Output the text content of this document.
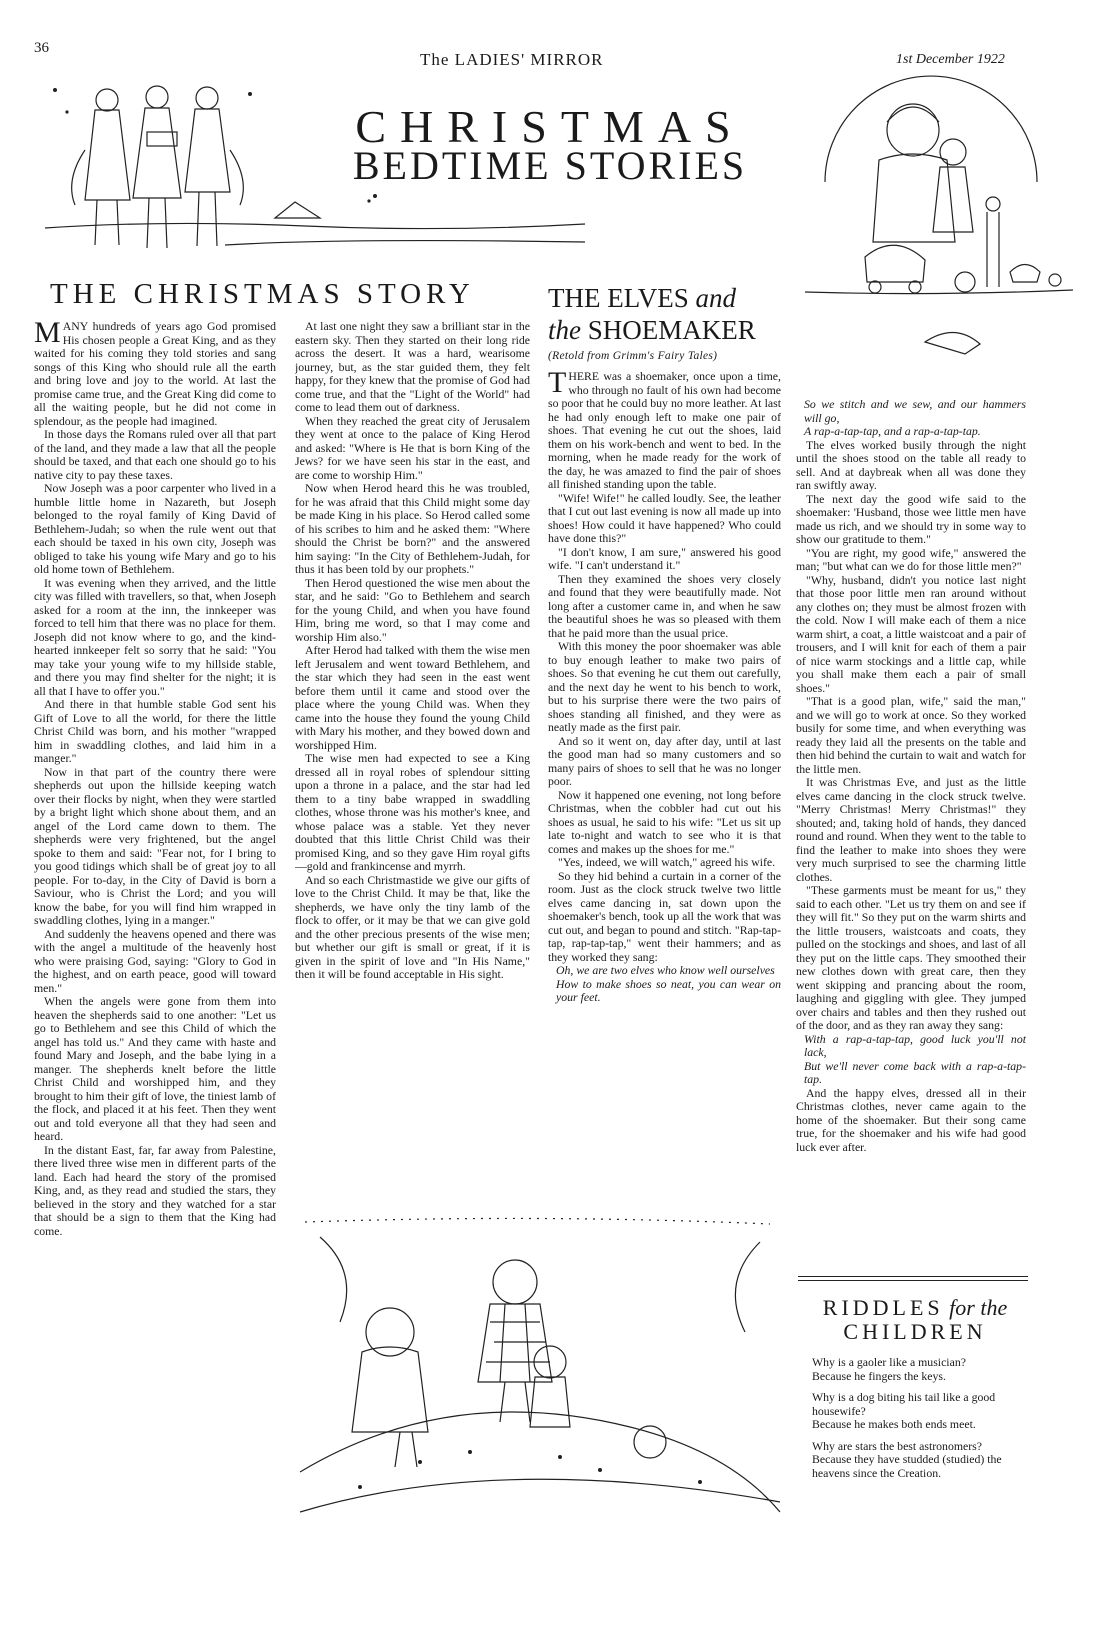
36
The LADIES' MIRROR	1st December 1922
CHRISTMAS
BEDTIME STORIES
THE CHRISTMAS STORY

MANY hundreds of years ago God promised His chosen people a Great King, and as they waited for his coming they told stories and sang songs of this King who should rule all the earth and bring love and joy to the world. At last the promise came true, and the Great King did come to all the waiting people, but he did not come in splendour, as the people had imagined.

In those days the Romans ruled over all that part of the land, and they made a law that all the people should be taxed, and that each one should go to his native city to pay these taxes.

Now Joseph was a poor carpenter who lived in a humble little home in Nazareth, but Joseph belonged to the royal family of King David of Bethlehem-Judah; so when the rule went out that each should be taxed in his own city, Joseph was obliged to take his young wife Mary and go to his old home town of Bethlehem.

It was evening when they arrived, and the little city was filled with travellers, so that, when Joseph asked for a room at the inn, the innkeeper was forced to tell him that there was no place for them. Joseph did not know where to go, and the kind-hearted innkeeper felt so sorry that he said: "You may take your young wife to my hillside stable, and there you may find shelter for the night; it is all that I have to offer you."

And there in that humble stable God sent his Gift of Love to all the world, for there the little Christ Child was born, and his mother "wrapped him in swaddling clothes, and laid him in a manger."

Now in that part of the country there were shepherds out upon the hillside keeping watch over their flocks by night, when they were startled by a bright light which shone about them, and an angel of the Lord came down to them. The shepherds were very frightened, but the angel spoke to them and said: "Fear not, for I bring to you good tidings which shall be of great joy to all people. For to-day, in the City of David is born a Saviour, who is Christ the Lord; and you will know the babe, for you will find him wrapped in swaddling clothes, lying in a manger."

And suddenly the heavens opened and there was with the angel a multitude of the heavenly host who were praising God, saying: "Glory to God in the highest, and on earth peace, good will toward men."

When the angels were gone from them into heaven the shepherds said to one another: "Let us go to Bethlehem and see this Child of which the angel has told us." And they came with haste and found Mary and Joseph, and the babe lying in a manger. The shepherds knelt before the little Christ Child and worshipped him, and they brought to him their gift of love, the tiniest lamb of the flock, and placed it at his feet. Then they went out and told everyone all that they had seen and heard.

In the distant East, far, far away from Palestine, there lived three wise men in different parts of the land. Each had heard the story of the promised King, and, as they read and studied the stars, they believed in the story and they watched for a star that should be a sign to them that the King had come.

At last one night they saw a brilliant star in the eastern sky. Then they started on their long ride across the desert. It was a hard, wearisome journey, but, as the star guided them, they felt happy, for they knew that the promise of God had come true, and that the "Light of the World" had come to lead them out of darkness.

When they reached the great city of Jerusalem they went at once to the palace of King Herod and asked: "Where is He that is born King of the Jews? for we have seen his star in the east, and are come to worship Him."

Now when Herod heard this he was troubled, for he was afraid that this Child might some day be made King in his place. So Herod called some of his scribes to him and he asked them: "Where should the Christ be born?" and the answered him saying: "In the City of Bethlehem-Judah, for thus it has been told by our prophets."

Then Herod questioned the wise men about the star, and he said: "Go to Bethlehem and search for the young Child, and when you have found Him, bring me word, so that I may come and worship Him also."

After Herod had talked with them the wise men left Jerusalem and went toward Bethlehem, and the star which they had seen in the east went before them until it came and stood over the place where the young Child was. When they came into the house they found the young Child with Mary his mother, and they bowed down and worshipped Him.

The wise men had expected to see a King dressed all in royal robes of splendour sitting upon a throne in a palace, and the star had led them to a tiny babe wrapped in swaddling clothes, whose throne was his mother's knee, and whose palace was a stable. Yet they never doubted that this little Christ Child was their promised King, and so they gave Him royal gifts—gold and frankincense and myrrh.

And so each Christmastide we give our gifts of love to the Christ Child. It may be that, like the shepherds, we have only the tiny lamb of the flock to offer, or it may be that we can give gold and the other precious presents of the wise men; but whether our gift is small or great, if it is given in the spirit of love and "In His Name," then it will be found acceptable in His sight.

THE ELVES and
the SHOEMAKER
(Retold from Grimm's Fairy Tales)

THERE was a shoemaker, once upon a time, who through no fault of his own had become so poor that he could buy no more leather. At last he had only enough left to make one pair of shoes. That evening he cut out the shoes, laid them on his work-bench and went to bed. In the morning, when he made ready for the work of the day, he was amazed to find the pair of shoes all finished standing upon the table.

"Wife! Wife!" he called loudly. See, the leather that I cut out last evening is now all made up into shoes! How could it have happened? Who could have done this?"

"I don't know, I am sure," answered his good wife. "I can't understand it."

Then they examined the shoes very closely and found that they were beautifully made. Not long after a customer came in, and when he saw the beautiful shoes he was so pleased with them that he paid more than the usual price.

With this money the poor shoemaker was able to buy enough leather to make two pairs of shoes. So that evening he cut them out carefully, and the next day he went to his bench to work, but to his surprise there were the two pairs of shoes standing all finished, and they were as neatly made as the first pair.

And so it went on, day after day, until at last the good man had so many customers and so many pairs of shoes to sell that he was no longer poor.

Now it happened one evening, not long before Christmas, when the cobbler had cut out his shoes as usual, he said to his wife: "Let us sit up late to-night and watch to see who it is that comes and makes up the shoes for me."

"Yes, indeed, we will watch," agreed his wife.

So they hid behind a curtain in a corner of the room. Just as the clock struck twelve two little elves came dancing in, sat down upon the shoemaker's bench, took up all the work that was cut out, and began to pound and stitch. "Rap-tap-tap, rap-tap-tap," went their hammers; and as they worked they sang:

Oh, we are two elves who know well ourselves

How to make shoes so neat, you can wear on your feet.

So we stitch and we sew, and our hammers will go,

A rap-a-tap-tap, and a rap-a-tap-tap.

The elves worked busily through the night until the shoes stood on the table all ready to sell. And at daybreak when all was done they ran swiftly away.

The next day the good wife said to the shoemaker: 'Husband, those wee little men have made us rich, and we should try in some way to show our gratitude to them."

"You are right, my good wife," answered the man; "but what can we do for those little men?"

"Why, husband, didn't you notice last night that those poor little men ran around without any clothes on; they must be almost frozen with the cold. Now I will make each of them a nice warm shirt, a coat, a little waistcoat and a pair of trousers, and I will knit for each of them a pair of nice warm stockings and a little cap, while you shall make them each a pair of small shoes."

"That is a good plan, wife," said the man," and we will go to work at once. So they worked busily for some time, and when everything was ready they laid all the presents on the table and then hid behind the curtain to wait and watch for the little men.

It was Christmas Eve, and just as the little elves came dancing in the clock struck twelve. "Merry Christmas! Merry Christmas!" they shouted; and, taking hold of hands, they danced round and round. When they went to the table to find the leather to make into shoes they were very much surprised to see the charming little clothes.

"These garments must be meant for us," they said to each other. "Let us try them on and see if they will fit." So they put on the warm shirts and the little trousers, waistcoats and coats, they pulled on the stockings and shoes, and last of all they put on the little caps. They smoothed their new clothes down with great care, then they went skipping and prancing about the room, laughing and giggling with glee. They jumped over chairs and tables and then they rushed out of the door, and as they ran away they sang:

With a rap-a-tap-tap, good luck you'll not lack,

But we'll never come back with a rap-a-tap-tap.

And the happy elves, dressed all in their Christmas clothes, never came again to the home of the shoemaker. But their song came true, for the shoemaker and his wife had good luck ever after.

RIDDLES for the
CHILDREN
Why is a gaoler like a musician?
Because he fingers the keys.
Why is a dog biting his tail like a good housewife?
Because he makes both ends meet.
Why are stars the best astronomers?
Because they have studded (studied) the heavens since the Creation.
